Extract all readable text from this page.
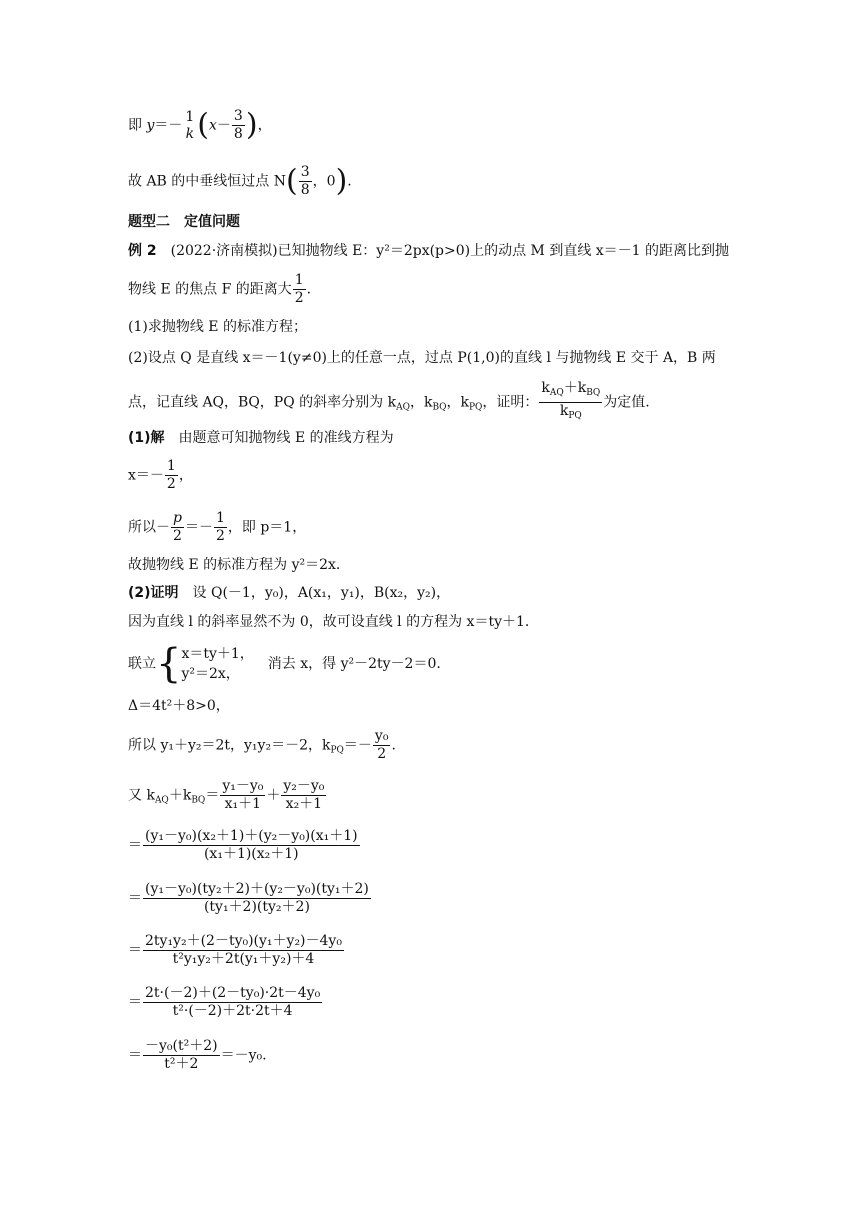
即 y＝－
1
k ($x- \frac{3}{8}$ )，
故 AB 的中垂线恒过点 $N( \frac{3}{8}$ ，0).
题型二　定值问题
例 2　 (2022·济南模拟)已知抛物线 E：y²＝2px(p>0)上的动点 M 到直线 x＝－1 的距离比到抛
物线 E 的焦点 F 的距离大 $\frac{1}{2}$ .
(1)求抛物线 E 的标准方程；
(2)设点 Q 是直线 x＝－1(y≠0)上的任意一点，过点 P(1,0)的直线 l 与抛物线 E 交于 A，B 两
点，记直线 AQ，BQ，PQ 的斜率分别为 $k_{AQ}$，$k_{BQ}$，$k_{PQ}$，证明： $\frac{k_{AQ}+k_{BQ}}{k_{PQ}}$ 为定值.
(1)解　由题意可知抛物线 E 的准线方程为
$x=- \frac{1}{2}$ ，
所以－ $\frac{p}{2} =- \frac{1}{2}$ ，即 p＝1，
故抛物线 E 的标准方程为 y²＝2x.
(2)证明　设 Q(－1，y₀)，A(x₁，y₁)，B(x₂，y₂)，
因为直线 l 的斜率显然不为 0，故可设直线 l 的方程为 x＝ty＋1.
联立{ x＝ty＋1，
y²＝2x，
　消去 x，得 y²－2ty－2＝0.
Δ＝4t²＋8>0，
所以 y₁＋y₂＝2t，y₁y₂＝－2，$k_{PQ}=- \frac{\text{y₀}}{2}$ .
又 $k_{AQ}+k_{BQ}= \frac{\text{y₁－y₀}}{\text{x₁＋1}} + \frac{\text{y₂－y₀}}{\text{x₂＋1}}$
＝ $\frac{\text{(y₁－y₀)(x₂＋1)＋(y₂－y₀)(x₁＋1)}}{\text{(x₁＋1)(x₂＋1)}}$
＝ $\frac{\text{(y₁－y₀)(ty₂＋2)＋(y₂－y₀)(ty₁＋2)}}{\text{(ty₁＋2)(ty₂＋2)}}$
＝ $\frac{\text{2ty₁y₂＋(2－ty₀)(y₁＋y₂)－4y₀}}{\text{t²y₁y₂＋2t(y₁＋y₂)＋4}}$
＝ $\frac{\text{2t·(－2)＋(2－ty₀)·2t－4y₀}}{\text{t²·(－2)＋2t·2t＋4}}$
＝ $\frac{\text{－y₀(t²＋2)}}{\text{t²＋2}} =-y_0$.
